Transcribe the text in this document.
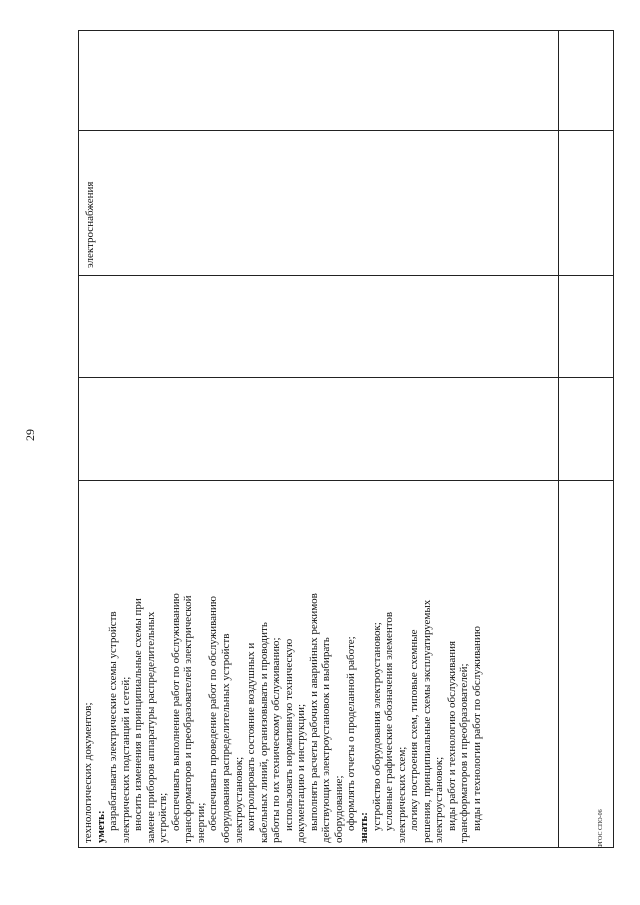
29
технологических документов; уметь: разрабатывать электрические схемы устройств электрических подстанций и сетей; вносить изменения в принципиальные схемы при замене приборов аппаратуры распределительных устройств; обеспечивать выполнение работ по обслуживанию трансформаторов и преобразователей электрической энергии; обеспечивать проведение работ по обслуживанию оборудования распределительных устройств электроустановок; контролировать состояние воздушных и кабельных линий, организовывать и проводить работы по их техническому обслуживанию; использовать нормативную техническую документацию и инструкции; выполнять расчеты рабочих и аварийных режимов действующих электроустановок и выбирать оборудование; оформлять отчеты о проделанной работе; знать: устройство оборудования электроустановок; условные графические обозначения элементов электрических схем; логику построения схем, типовые схемные решения, принципиальные схемы эксплуатируемых электроустановок; виды работ и технологию обслуживания трансформаторов и преобразователей; виды и технологии работ по обслуживанию
электроснабжения
ФГОС СПО-06
